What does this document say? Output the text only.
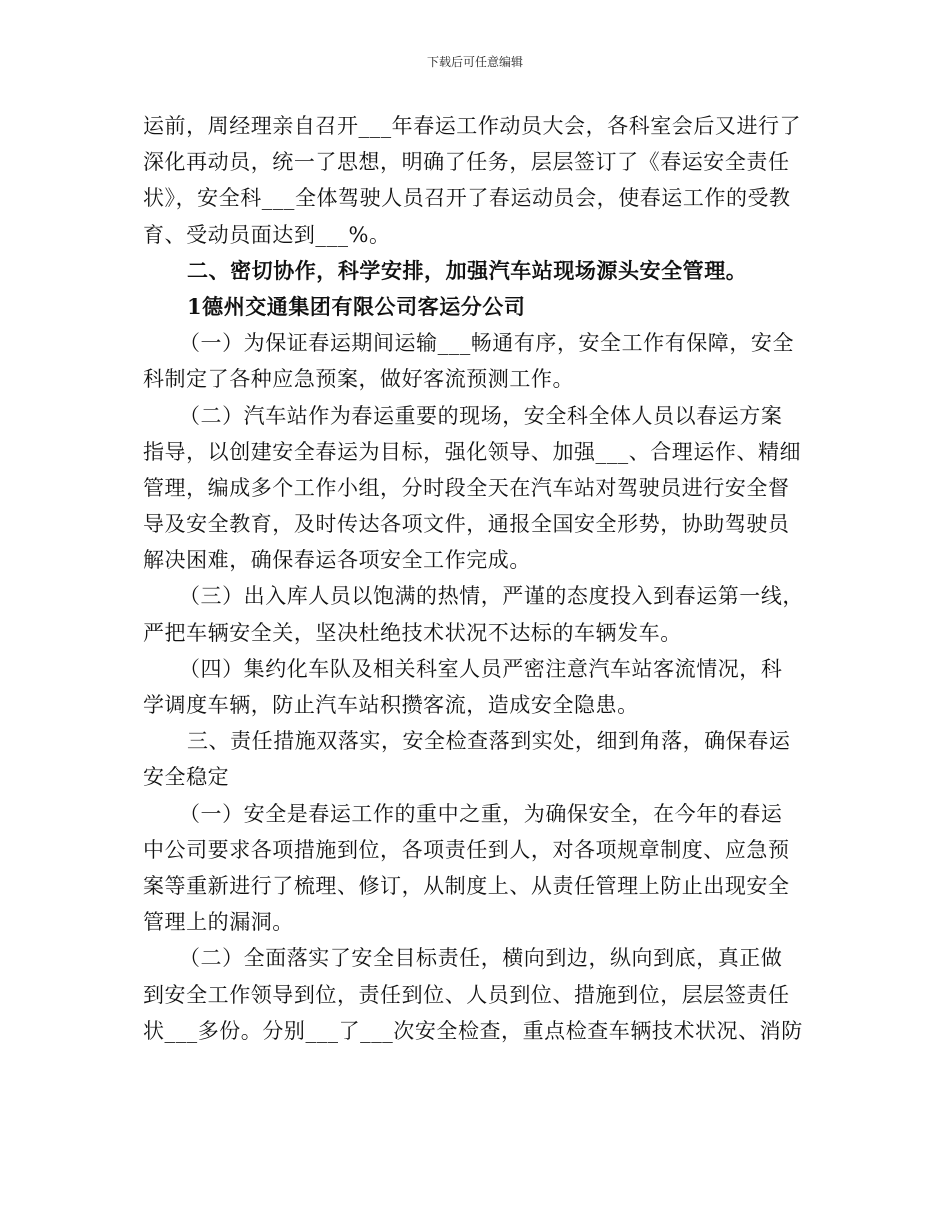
下载后可任意编辑
运前，周经理亲自召开___年春运工作动员大会，各科室会后又进行了
深化再动员，统一了思想，明确了任务，层层签订了《春运安全责任
状》，安全科___全体驾驶人员召开了春运动员会，使春运工作的受教
育、受动员面达到___%。
二、密切协作，科学安排，加强汽车站现场源头安全管理。
1德州交通集团有限公司客运分公司
（一）为保证春运期间运输___畅通有序，安全工作有保障，安全
科制定了各种应急预案，做好客流预测工作。
（二）汽车站作为春运重要的现场，安全科全体人员以春运方案
指导，以创建安全春运为目标，强化领导、加强___、合理运作、精细
管理，编成多个工作小组，分时段全天在汽车站对驾驶员进行安全督
导及安全教育，及时传达各项文件，通报全国安全形势，协助驾驶员
解决困难，确保春运各项安全工作完成。
（三）出入库人员以饱满的热情，严谨的态度投入到春运第一线，
严把车辆安全关，坚决杜绝技术状况不达标的车辆发车。
（四）集约化车队及相关科室人员严密注意汽车站客流情况，科
学调度车辆，防止汽车站积攒客流，造成安全隐患。
三、责任措施双落实，安全检查落到实处，细到角落，确保春运
安全稳定
（一）安全是春运工作的重中之重，为确保安全，在今年的春运
中公司要求各项措施到位，各项责任到人，对各项规章制度、应急预
案等重新进行了梳理、修订，从制度上、从责任管理上防止出现安全
管理上的漏洞。
（二）全面落实了安全目标责任，横向到边，纵向到底，真正做
到安全工作领导到位，责任到位、人员到位、措施到位，层层签责任
状___多份。分别___了___次安全检查，重点检查车辆技术状况、消防
